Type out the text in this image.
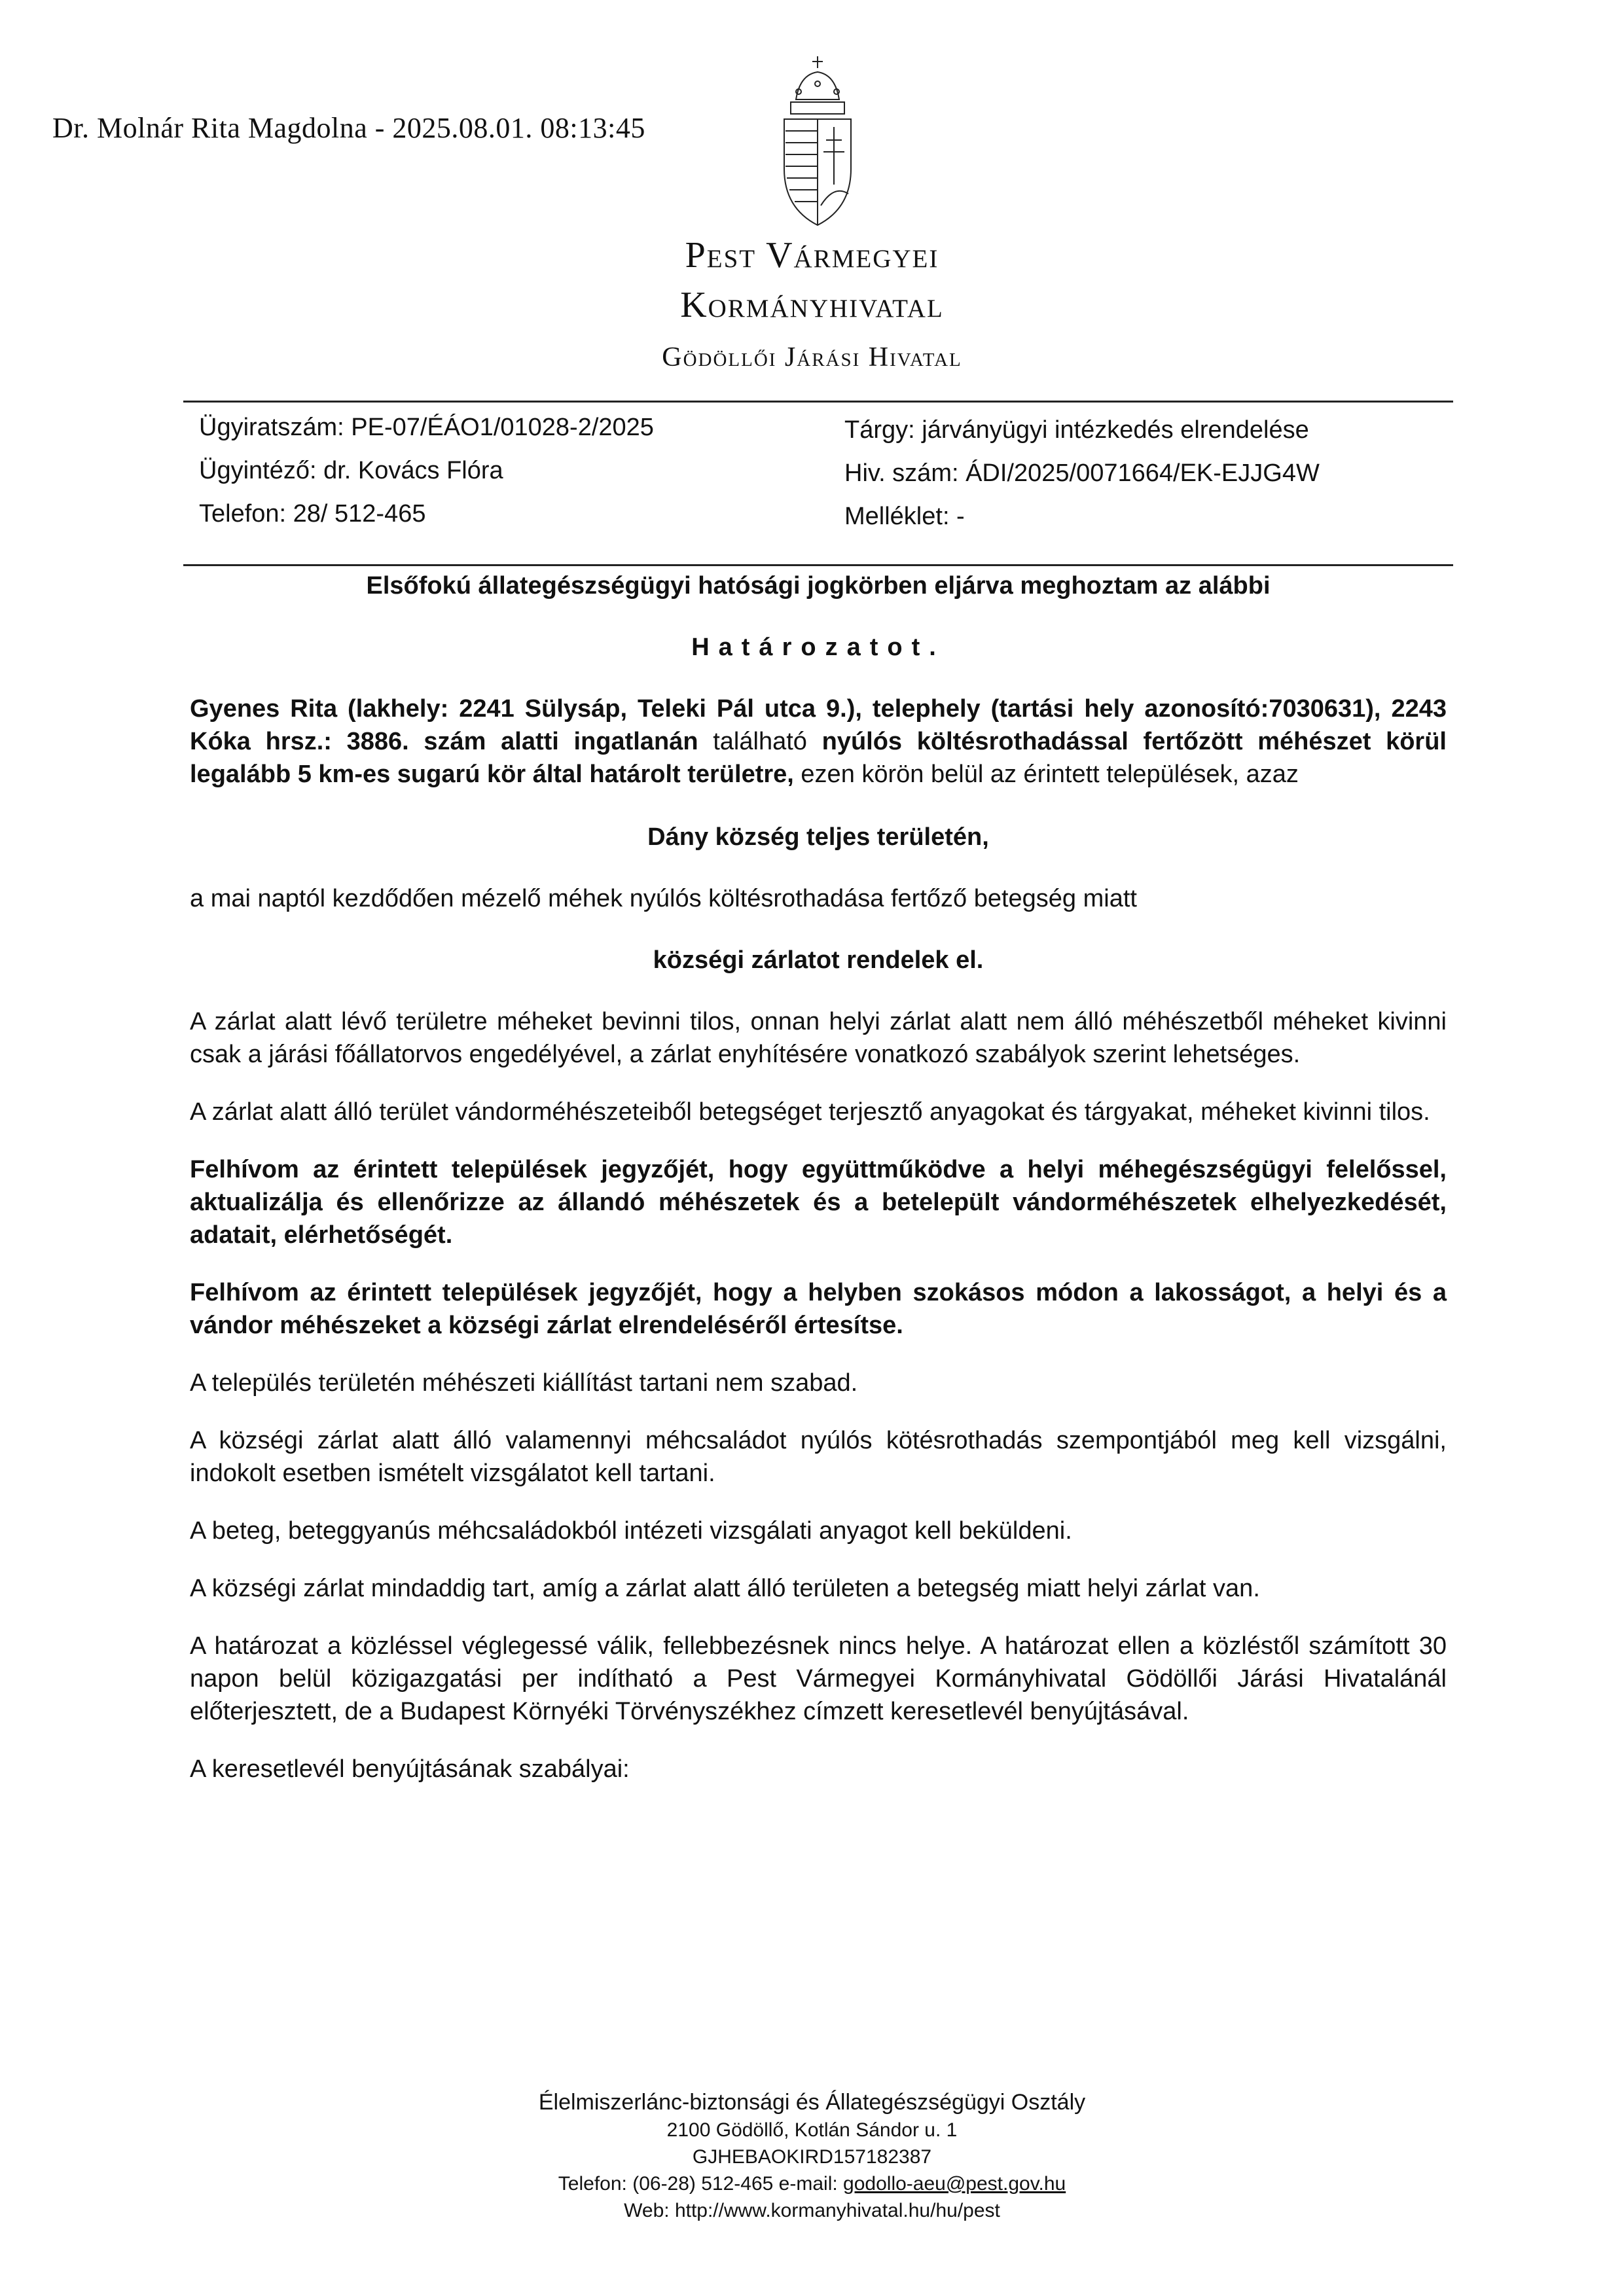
Dr. Molnár Rita Magdolna - 2025.08.01. 08:13:45
Pest Vármegyei
Kormányhivatal
Gödöllői Járási Hivatal
Ügyiratszám: PE-07/ÉÁO1/01028-2/2025
Ügyintéző: dr. Kovács Flóra
Telefon: 28/ 512-465
Tárgy: járványügyi intézkedés elrendelése
Hiv. szám: ÁDI/2025/0071664/EK-EJJG4W
Melléklet: -

Elsőfokú állategészségügyi hatósági jogkörben eljárva meghoztam az alábbi

Határozatot.

Gyenes Rita (lakhely: 2241 Sülysáp, Teleki Pál utca 9.), telephely (tartási hely azonosító:7030631), 2243 Kóka hrsz.: 3886. szám alatti ingatlanán található nyúlós költésrothadással fertőzött méhészet körül legalább 5 km-es sugarú kör által határolt területre, ezen körön belül az érintett települések, azaz

Dány község teljes területén,

a mai naptól kezdődően mézelő méhek nyúlós költésrothadása fertőző betegség miatt

községi zárlatot rendelek el.

A zárlat alatt lévő területre méheket bevinni tilos, onnan helyi zárlat alatt nem álló méhészetből méheket kivinni csak a járási főállatorvos engedélyével, a zárlat enyhítésére vonatkozó szabályok szerint lehetséges.

A zárlat alatt álló terület vándorméhészeteiből betegséget terjesztő anyagokat és tárgyakat, méheket kivinni tilos.

Felhívom az érintett települések jegyzőjét, hogy együttműködve a helyi méhegészségügyi felelőssel, aktualizálja és ellenőrizze az állandó méhészetek és a betelepült vándorméhészetek elhelyezkedését, adatait, elérhetőségét.

Felhívom az érintett települések jegyzőjét, hogy a helyben szokásos módon a lakosságot, a helyi és a vándor méhészeket a községi zárlat elrendeléséről értesítse.

A település területén méhészeti kiállítást tartani nem szabad.

A községi zárlat alatt álló valamennyi méhcsaládot nyúlós kötésrothadás szempontjából meg kell vizsgálni, indokolt esetben ismételt vizsgálatot kell tartani.

A beteg, beteggyanús méhcsaládokból intézeti vizsgálati anyagot kell beküldeni.

A községi zárlat mindaddig tart, amíg a zárlat alatt álló területen a betegség miatt helyi zárlat van.

A határozat a közléssel véglegessé válik, fellebbezésnek nincs helye. A határozat ellen a közléstől számított 30 napon belül közigazgatási per indítható a Pest Vármegyei Kormányhivatal Gödöllői Járási Hivatalánál előterjesztett, de a Budapest Környéki Törvényszékhez címzett keresetlevél benyújtásával.

A keresetlevél benyújtásának szabályai:

Élelmiszerlánc-biztonsági és Állategészségügyi Osztály
2100 Gödöllő, Kotlán Sándor u. 1
GJHEBAOKIRD157182387
Telefon: (06-28) 512-465 e-mail: godollo-aeu@pest.gov.hu
Web: http://www.kormanyhivatal.hu/hu/pest
